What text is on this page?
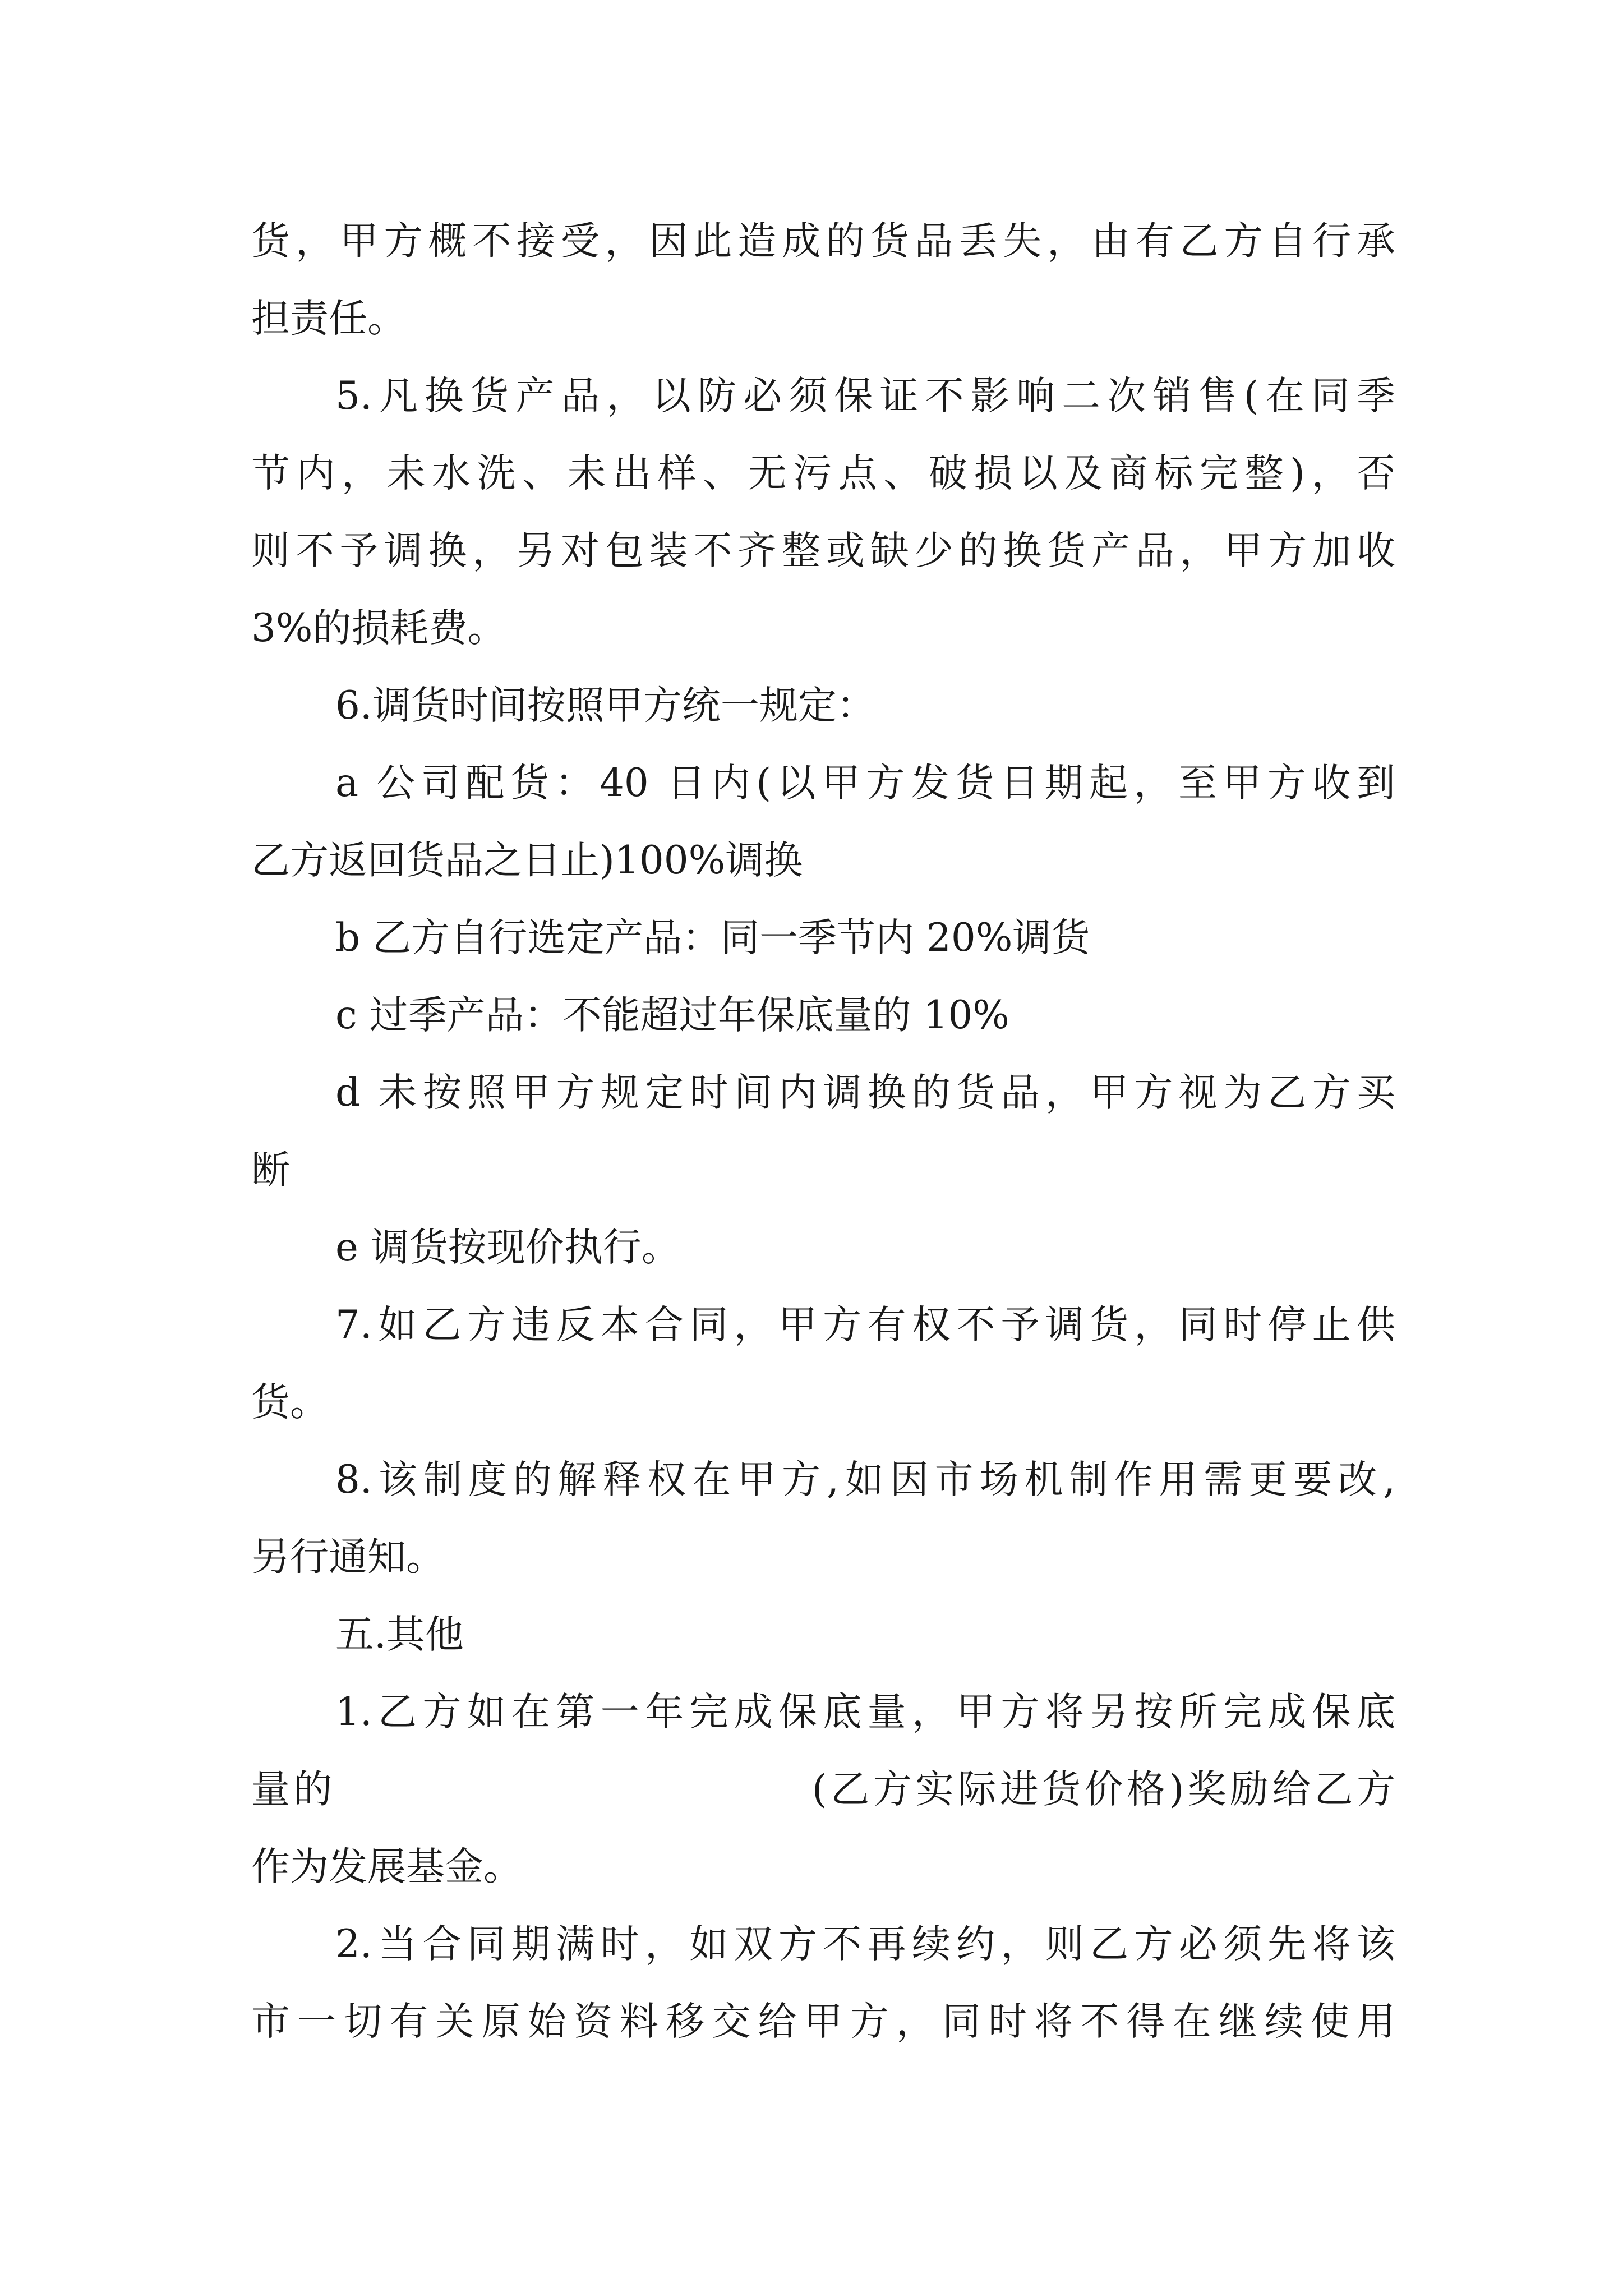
货，甲方概不接受，因此造成的货品丢失，由有乙方自行承
担责任。
5.凡换货产品，以防必须保证不影响二次销售(在同季
节内，未水洗、未出样、无污点、破损以及商标完整)，否
则不予调换，另对包装不齐整或缺少的换货产品，甲方加收
3%的损耗费。
6.调货时间按照甲方统一规定：
a 公司配货：40 日内(以甲方发货日期起，至甲方收到
乙方返回货品之日止)100%调换
b 乙方自行选定产品：同一季节内 20%调货
c 过季产品：不能超过年保底量的 10%
d 未按照甲方规定时间内调换的货品，甲方视为乙方买
断
e 调货按现价执行。
7.如乙方违反本合同，甲方有权不予调货，同时停止供
货。
8.该制度的解释权在甲方,如因市场机制作用需更要改,
另行通知。
五.其他
1.乙方如在第一年完成保底量，甲方将另按所完成保底
量的                              (乙方实际进货价格)奖励给乙方
作为发展基金。
2.当合同期满时，如双方不再续约，则乙方必须先将该
市一切有关原始资料移交给甲方，同时将不得在继续使用
